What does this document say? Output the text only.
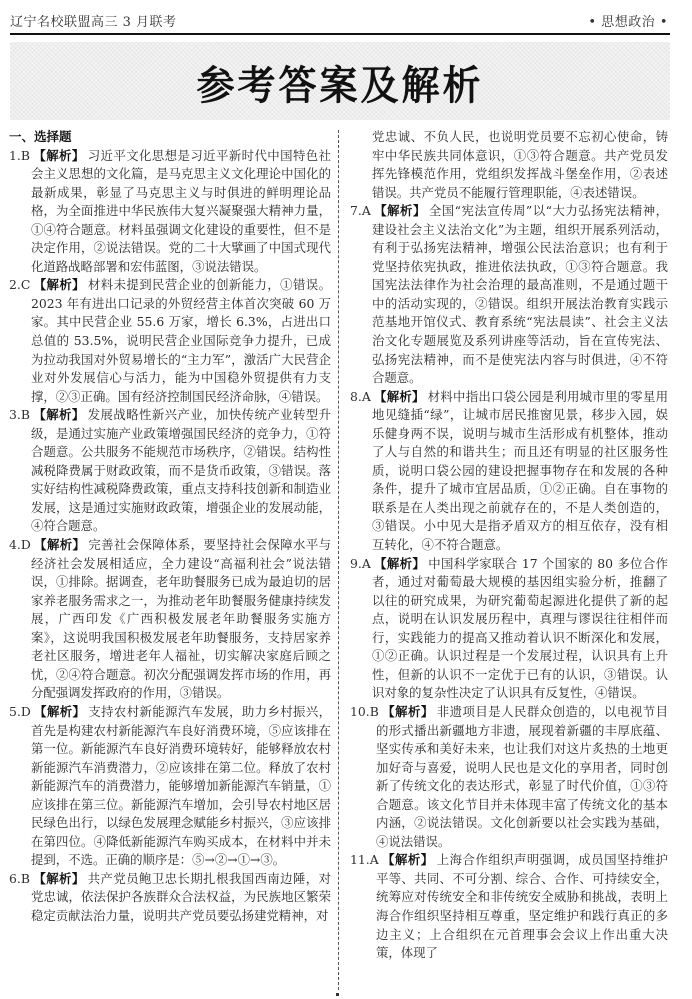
辽宁名校联盟高三 3 月联考	• 思想政治 •
参考答案及解析
一、选择题

1.B 【解析】 习近平文化思想是习近平新时代中国特色社会主义思想的文化篇，是马克思主义文化理论中国化的最新成果，彰显了马克思主义与时俱进的鲜明理论品格，为全面推进中华民族伟大复兴凝聚强大精神力量，①④符合题意。材料虽强调文化建设的重要性，但不是决定作用，②说法错误。党的二十大擘画了中国式现代化道路战略部署和宏伟蓝图，③说法错误。

2.C 【解析】 材料未提到民营企业的创新能力，①错误。2023 年有进出口记录的外贸经营主体首次突破 60 万家。其中民营企业 55.6 万家，增长 6.3%，占进出口总值的 53.5%，说明民营企业国际竞争力提升，已成为拉动我国对外贸易增长的“主力军”，激活广大民营企业对外发展信心与活力，能为中国稳外贸提供有力支撑，②③正确。国有经济控制国民经济命脉，④错误。

3.B 【解析】 发展战略性新兴产业，加快传统产业转型升级，是通过实施产业政策增强国民经济的竞争力，①符合题意。公共服务不能规范市场秩序，②错误。结构性减税降费属于财政政策，而不是货币政策，③错误。落实好结构性减税降费政策，重点支持科技创新和制造业发展，这是通过实施财政政策，增强企业的发展动能，④符合题意。

4.D 【解析】 完善社会保障体系，要坚持社会保障水平与经济社会发展相适应，全力建设“高福利社会”说法错误，①排除。据调查，老年助餐服务已成为最迫切的居家养老服务需求之一，为推动老年助餐服务健康持续发展，广西印发《广西积极发展老年助餐服务实施方案》，这说明我国积极发展老年助餐服务，支持居家养老社区服务，增进老年人福祉，切实解决家庭后顾之忧，②④符合题意。初次分配强调发挥市场的作用，再分配强调发挥政府的作用，③错误。

5.D 【解析】 支持农村新能源汽车发展，助力乡村振兴，首先是构建农村新能源汽车良好消费环境，⑤应该排在第一位。新能源汽车良好消费环境转好，能够释放农村新能源汽车消费潜力，②应该排在第二位。释放了农村新能源汽车的消费潜力，能够增加新能源汽车销量，①应该排在第三位。新能源汽车增加，会引导农村地区居民绿色出行，以绿色发展理念赋能乡村振兴，③应该排在第四位。④降低新能源汽车购买成本，在材料中并未提到，不选。正确的顺序是：⑤→②→①→③。

6.B 【解析】 共产党员鲍卫忠长期扎根我国西南边陲，对党忠诚，依法保护各族群众合法权益，为民族地区繁荣稳定贡献法治力量，说明共产党员要弘扬建党精神，对

党忠诚、不负人民，也说明党员要不忘初心使命，铸牢中华民族共同体意识，①③符合题意。共产党员发挥先锋模范作用，党组织发挥战斗堡垒作用，②表述错误。共产党员不能履行管理职能，④表述错误。

7.A 【解析】 全国“宪法宣传周”以“大力弘扬宪法精神，建设社会主义法治文化”为主题，组织开展系列活动，有利于弘扬宪法精神，增强公民法治意识；也有利于党坚持依宪执政，推进依法执政，①③符合题意。我国宪法法律作为社会治理的最高准则，不是通过题干中的活动实现的，②错误。组织开展法治教育实践示范基地开馆仪式、教育系统“宪法晨读”、社会主义法治文化专题展览及系列讲座等活动，旨在宣传宪法、弘扬宪法精神，而不是使宪法内容与时俱进，④不符合题意。

8.A 【解析】 材料中指出口袋公园是利用城市里的零星用地见缝插“绿”，让城市居民推窗见景，移步入园，娱乐健身两不误，说明与城市生活形成有机整体，推动了人与自然的和谐共生；而且还有明显的社区服务性质，说明口袋公园的建设把握事物存在和发展的各种条件，提升了城市宜居品质，①②正确。自在事物的联系是在人类出现之前就存在的，不是人类创造的，③错误。小中见大是指矛盾双方的相互依存，没有相互转化，④不符合题意。

9.A 【解析】 中国科学家联合 17 个国家的 80 多位合作者，通过对葡萄最大规模的基因组实验分析，推翻了以往的研究成果，为研究葡萄起源进化提供了新的起点，说明在认识发展历程中，真理与谬误往往相伴而行，实践能力的提高又推动着认识不断深化和发展，①②正确。认识过程是一个发展过程，认识具有上升性，但新的认识不一定优于已有的认识，③错误。认识对象的复杂性决定了认识具有反复性，④错误。

10.B 【解析】 非遗项目是人民群众创造的，以电视节目的形式播出新疆地方非遗，展现着新疆的丰厚底蕴、坚实传承和美好未来，也让我们对这片炙热的土地更加好奇与喜爱，说明人民也是文化的享用者，同时创新了传统文化的表达形式，彰显了时代价值，①③符合题意。该文化节目并未体现丰富了传统文化的基本内涵，②说法错误。文化创新要以社会实践为基础，④说法错误。

11.A 【解析】 上海合作组织声明强调，成员国坚持维护平等、共同、不可分割、综合、合作、可持续安全，统筹应对传统安全和非传统安全威胁和挑战，表明上海合作组织坚持相互尊重，坚定维护和践行真正的多边主义；上合组织在元首理事会会议上作出重大决策，体现了
